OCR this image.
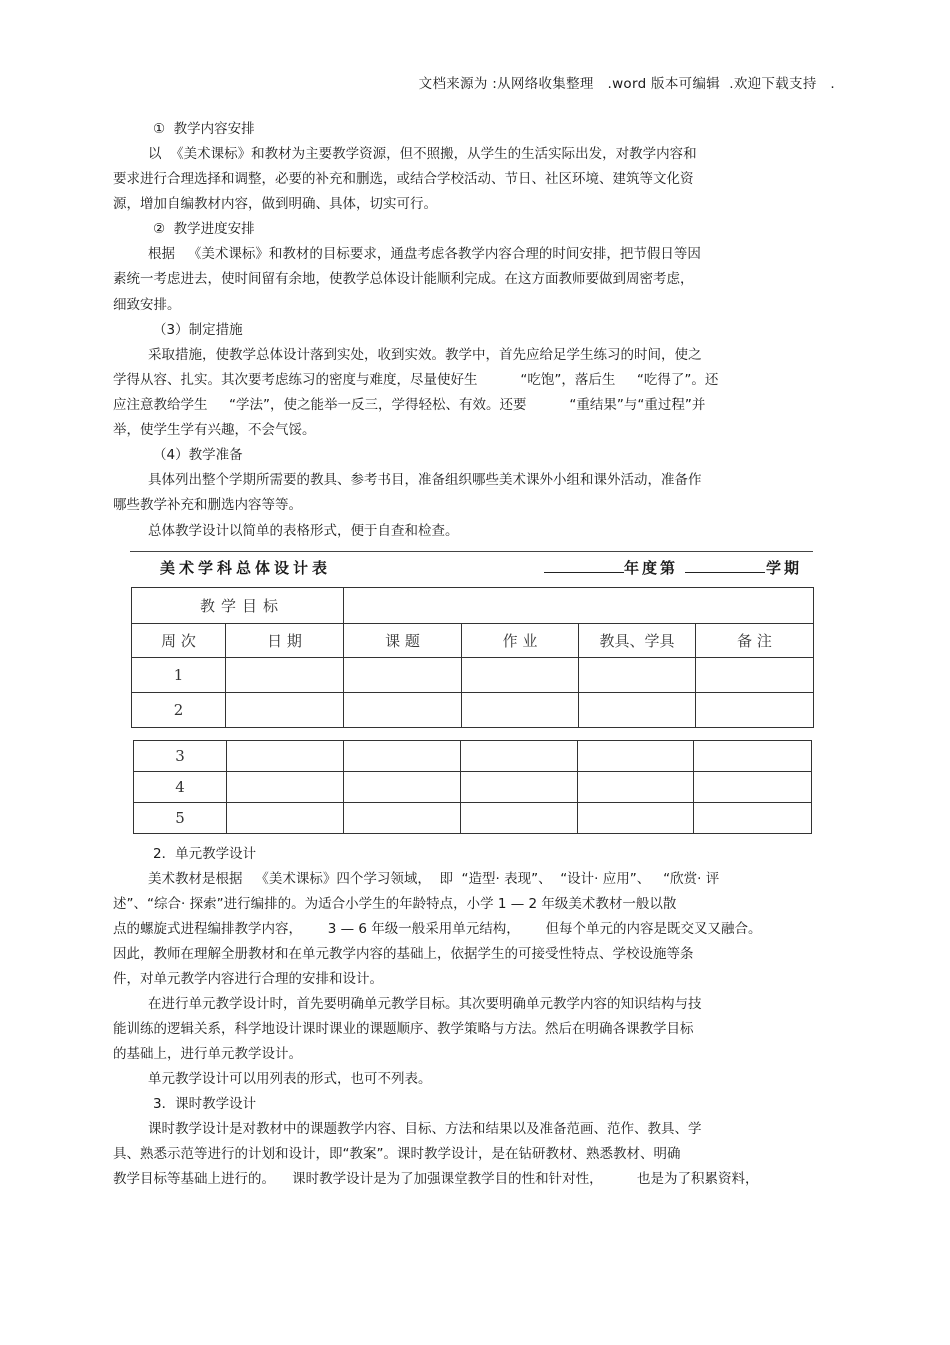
文档来源为 :从网络收集整理   .word 版本可编辑  .欢迎下载支持   .
①  教学内容安排
以  《美术课标》和教材为主要教学资源，但不照搬，从学生的生活实际出发，对教学内容和
要求进行合理选择和调整，必要的补充和删选，或结合学校活动、节日、社区环境、建筑等文化资
源，增加自编教材内容，做到明确、具体，切实可行。
②  教学进度安排
根据   《美术课标》和教材的目标要求，通盘考虑各教学内容合理的时间安排，把节假日等因
素统一考虑进去，使时间留有余地，使教学总体设计能顺利完成。在这方面教师要做到周密考虑，
细致安排。
（3）制定措施
采取措施，使教学总体设计落到实处，收到实效。教学中，首先应给足学生练习的时间，使之
学得从容、扎实。其次要考虑练习的密度与难度，尽量使好生          “吃饱”，落后生     “吃得了”。还
应注意教给学生     “学法”，使之能举一反三，学得轻松、有效。还要          “重结果”与“重过程”并
举，使学生学有兴趣，不会气馁。
（4）教学准备
具体列出整个学期所需要的教具、参考书目，准备组织哪些美术课外小组和课外活动，准备作
哪些教学补充和删选内容等等。
总体教学设计以简单的表格形式，便于自查和检查。
美术学科总体设计表	年度第	学期
教学目标					
周 次	日 期	课 题	作 业	教具、学具	备 注
1					
2					
3					
4					
5					
2．单元教学设计
美术教材是根据   《美术课标》四个学习领域，  即  “造型· 表现”、  “设计· 应用”、   “欣赏· 评
述”、“综合· 探索”进行编排的。为适合小学生的年龄特点，小学 1 — 2 年级美术教材一般以散
点的螺旋式进程编排教学内容，      3 — 6 年级一般采用单元结构，      但每个单元的内容是既交叉又融合。
因此，教师在理解全册教材和在单元教学内容的基础上，依据学生的可接受性特点、学校设施等条
件，对单元教学内容进行合理的安排和设计。
在进行单元教学设计时，首先要明确单元教学目标。其次要明确单元教学内容的知识结构与技
能训练的逻辑关系，科学地设计课时课业的课题顺序、教学策略与方法。然后在明确各课教学目标
的基础上，进行单元教学设计。
单元教学设计可以用列表的形式，也可不列表。
3．课时教学设计
课时教学设计是对教材中的课题教学内容、目标、方法和结果以及准备范画、范作、教具、学
具、熟悉示范等进行的计划和设计，即“教案”。课时教学设计，是在钻研教材、熟悉教材、明确
教学目标等基础上进行的。    课时教学设计是为了加强课堂教学目的性和针对性，        也是为了积累资料，
